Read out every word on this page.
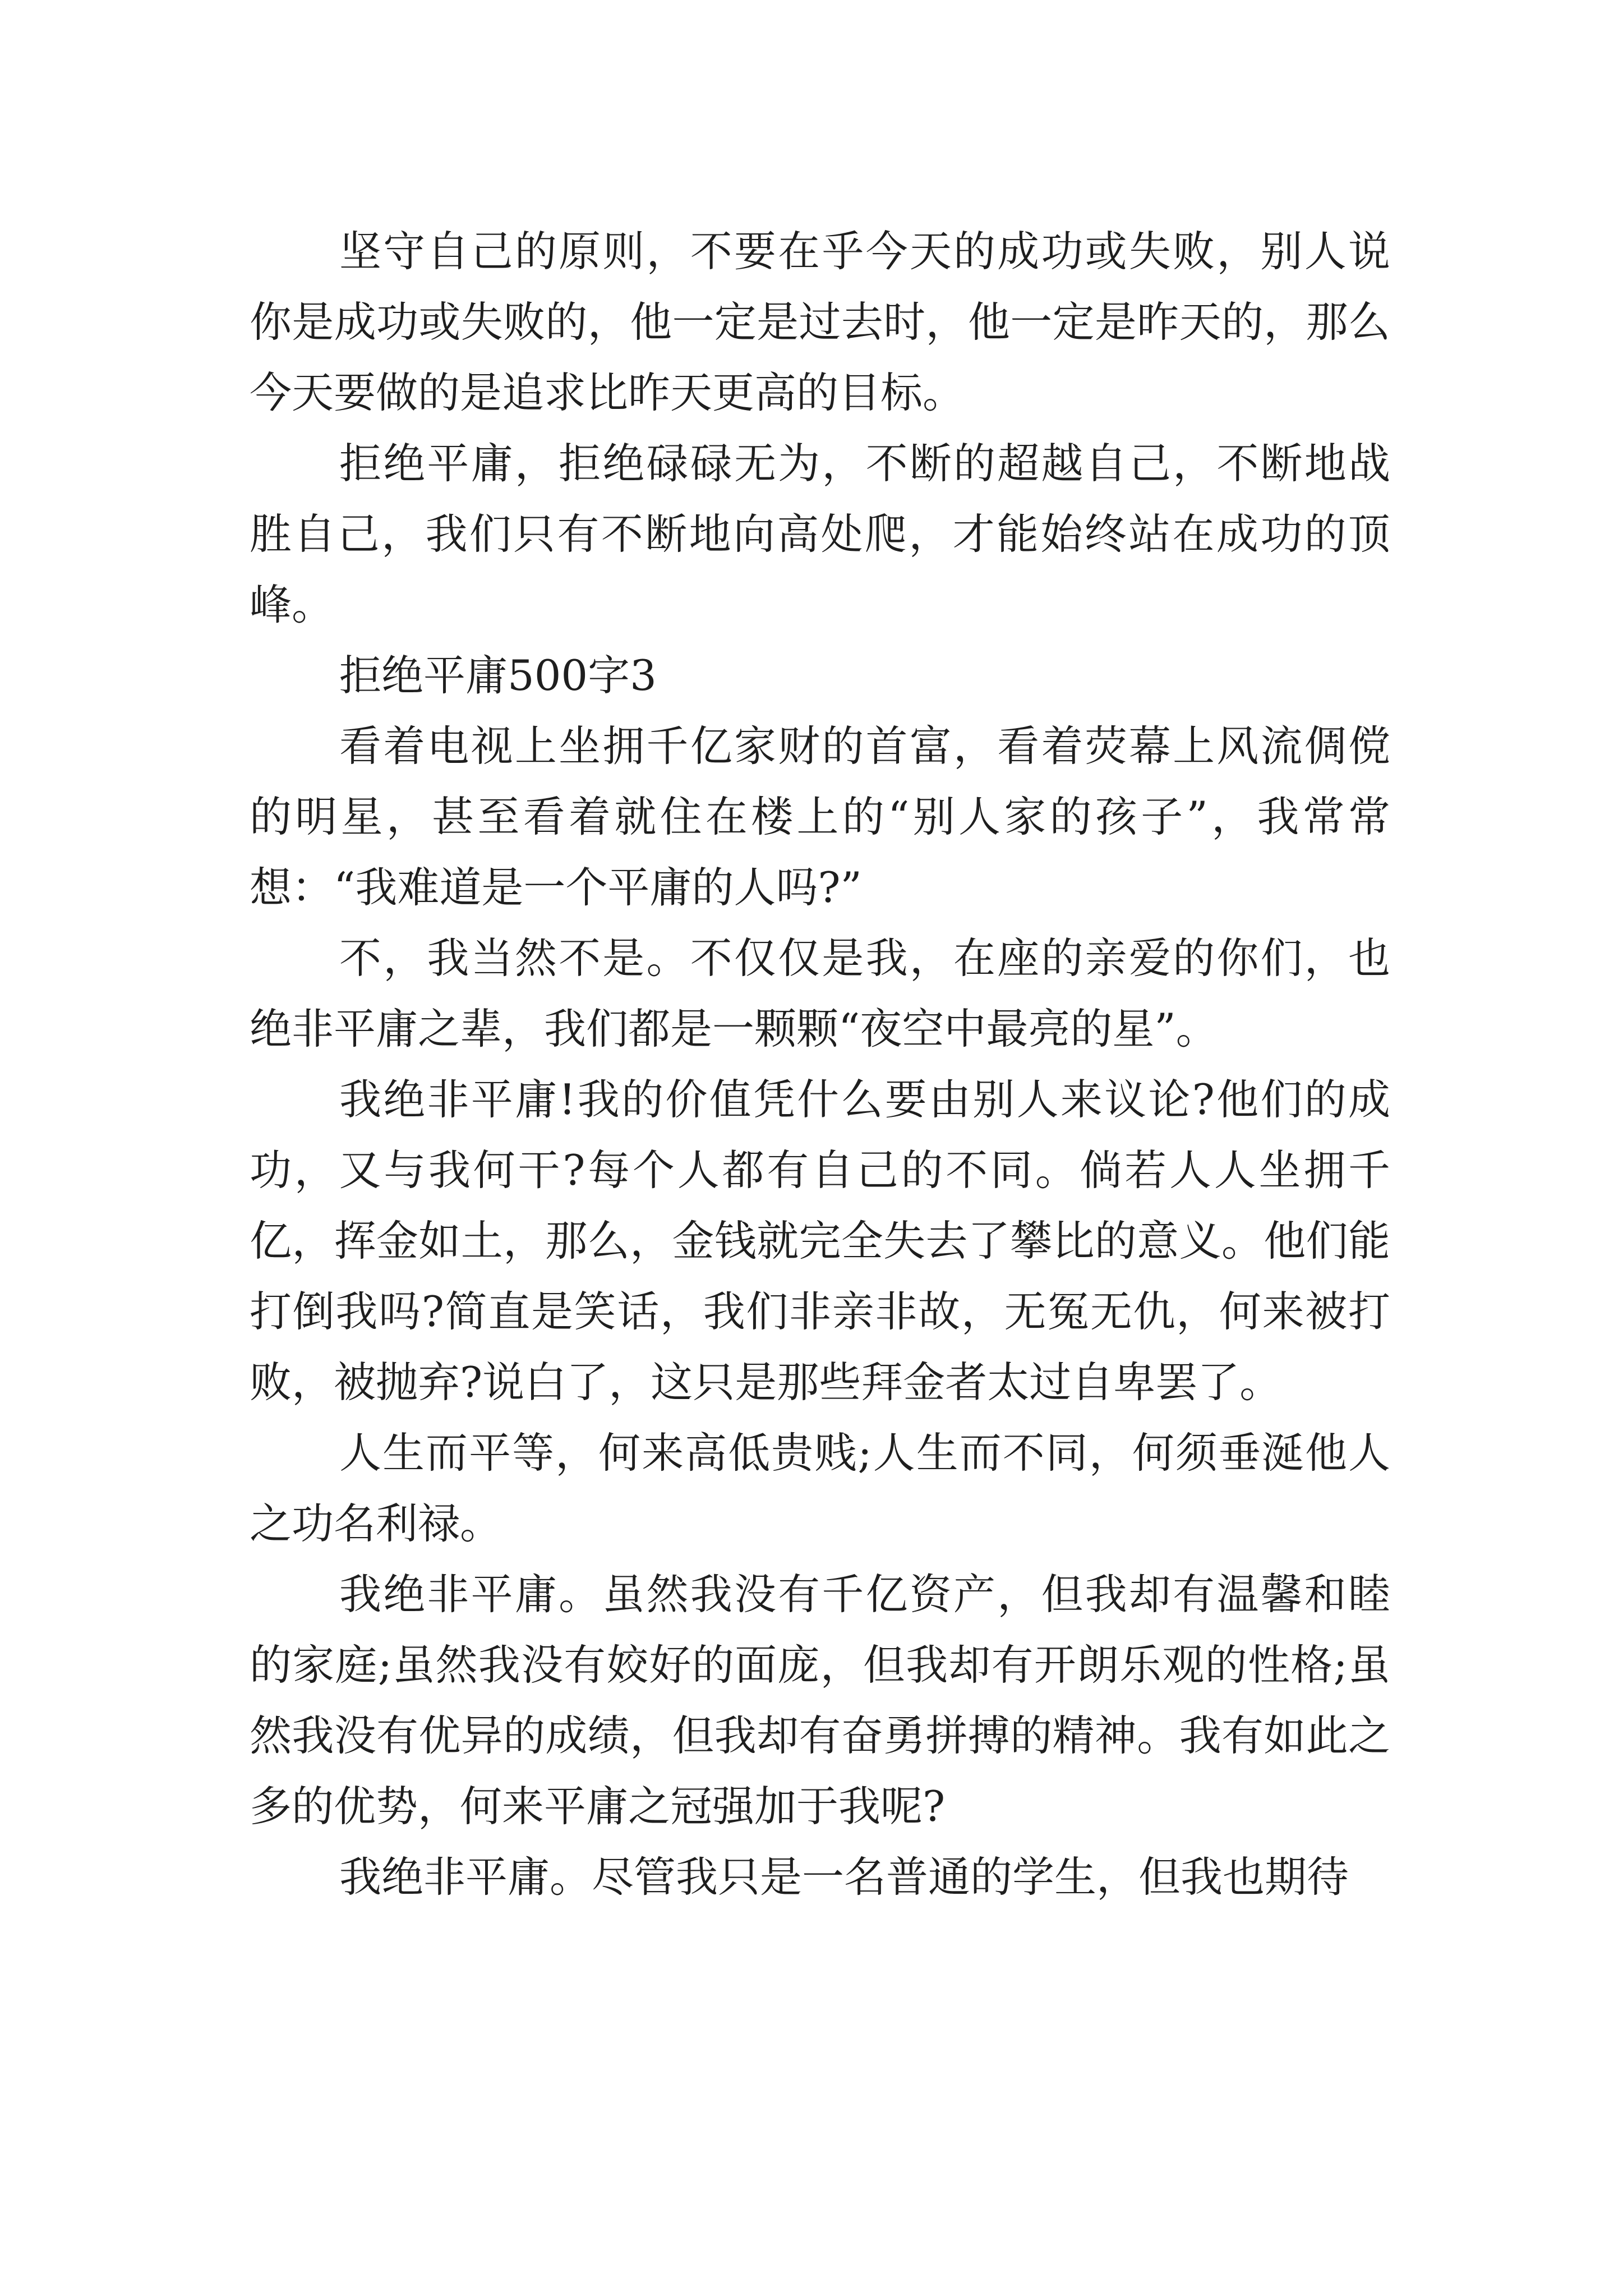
坚守自己的原则，不要在乎今天的成功或失败，别人说你是成功或失败的，他一定是过去时，他一定是昨天的，那么今天要做的是追求比昨天更高的目标。

拒绝平庸，拒绝碌碌无为，不断的超越自己，不断地战胜自己，我们只有不断地向高处爬，才能始终站在成功的顶峰。

拒绝平庸500字3

看着电视上坐拥千亿家财的首富，看着荧幕上风流倜傥的明星，甚至看着就住在楼上的“别人家的孩子”，我常常想：“我难道是一个平庸的人吗?”

不，我当然不是。不仅仅是我，在座的亲爱的你们，也绝非平庸之辈，我们都是一颗颗“夜空中最亮的星”。

我绝非平庸!我的价值凭什么要由别人来议论?他们的成功，又与我何干?每个人都有自己的不同。倘若人人坐拥千亿，挥金如土，那么，金钱就完全失去了攀比的意义。他们能打倒我吗?简直是笑话，我们非亲非故，无冤无仇，何来被打败，被抛弃?说白了，这只是那些拜金者太过自卑罢了。

人生而平等，何来高低贵贱;人生而不同，何须垂涎他人之功名利禄。

我绝非平庸。虽然我没有千亿资产，但我却有温馨和睦的家庭;虽然我没有姣好的面庞，但我却有开朗乐观的性格;虽然我没有优异的成绩，但我却有奋勇拼搏的精神。我有如此之多的优势，何来平庸之冠强加于我呢?

我绝非平庸。尽管我只是一名普通的学生，但我也期待
